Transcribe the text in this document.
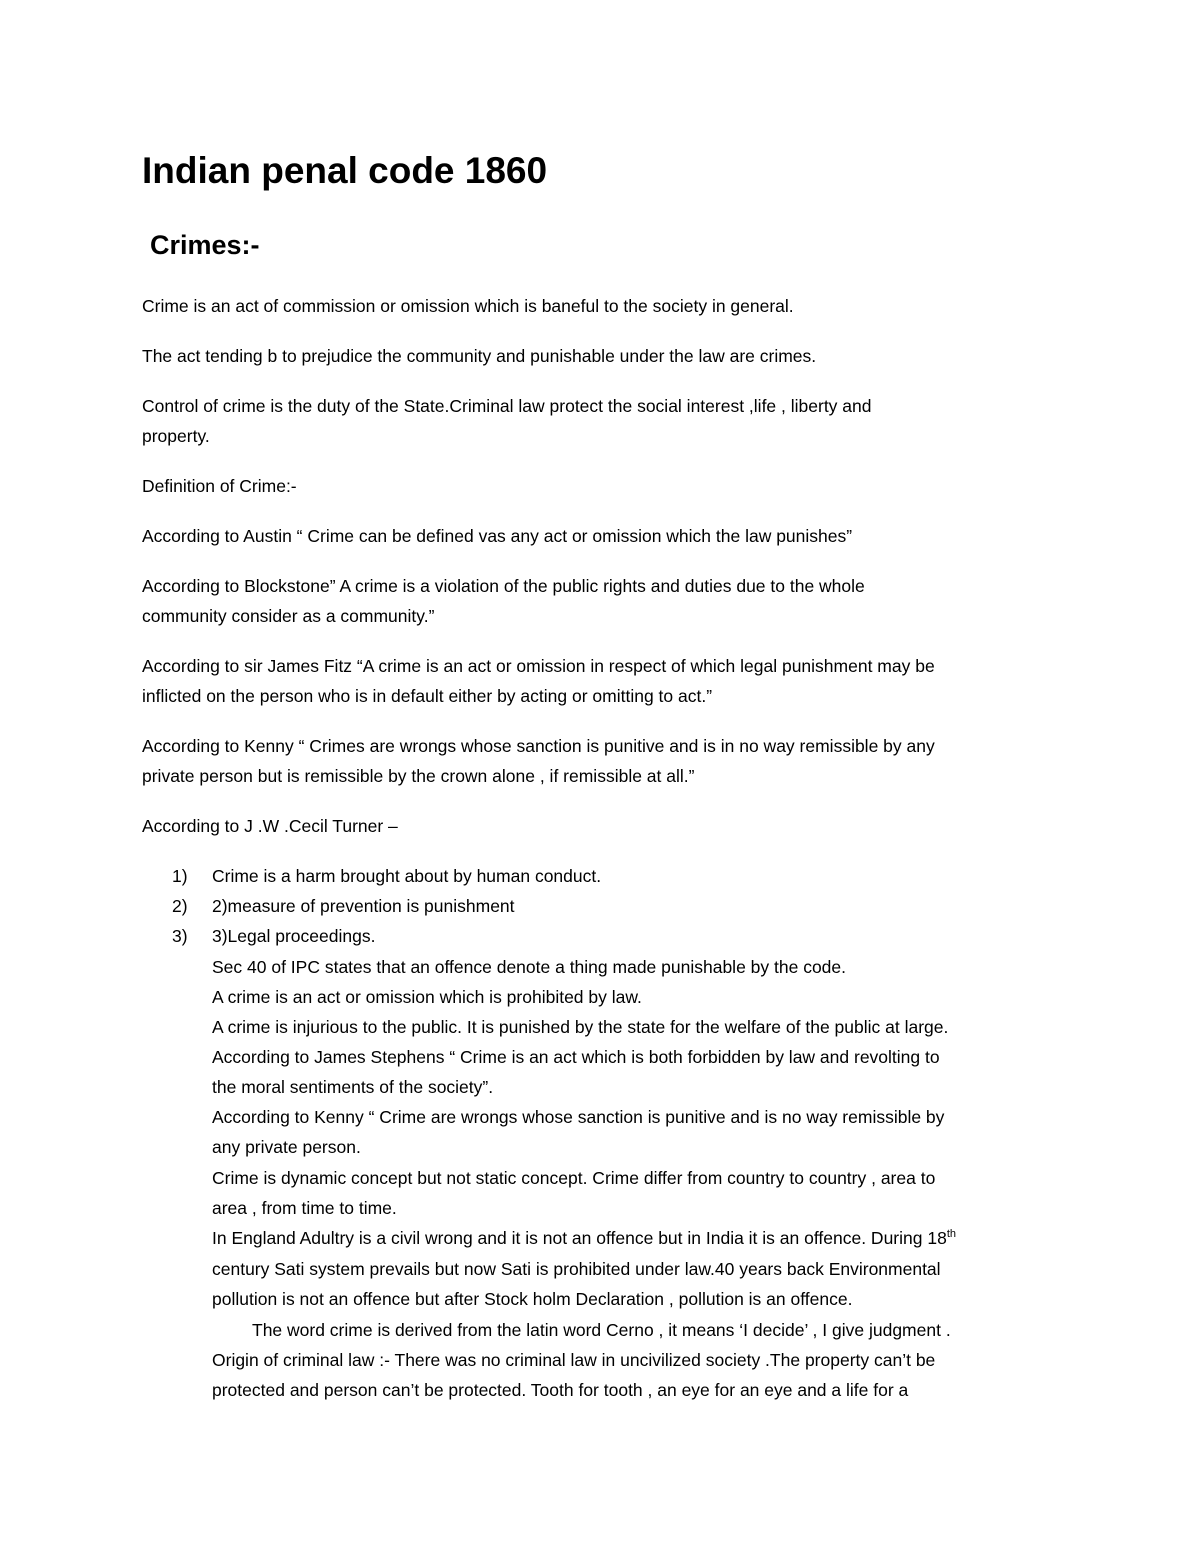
Indian penal code 1860
Crimes:-

Crime is an act of commission or omission which is baneful to the society in general.

The act tending b to prejudice the community and punishable under the law are crimes.

Control of crime is the duty of the State.Criminal law protect the social interest ,life , liberty and

property.

Definition of Crime:-

According to Austin “ Crime can be defined vas any act or omission which the law punishes”

According to Blockstone” A crime is a violation of the public rights and duties due to the whole

community consider as a community.”

According to sir James Fitz “A crime is an act or omission in respect of which legal punishment may be

inflicted on the person who is in default either by acting or omitting to act.”

According to Kenny “ Crimes are wrongs whose sanction is punitive and is in no way remissible by any

private person but is remissible by the crown alone , if remissible at all.”

According to J .W .Cecil Turner –

1) Crime is a harm brought about by human conduct.

2) 2)measure of prevention is punishment

3) 3)Legal proceedings.

Sec 40 of IPC states that an offence denote a thing made punishable by the code.

A crime is an act or omission which is prohibited by law.

A crime is injurious to the public. It is punished by the state for the welfare of the public at large.

According to James Stephens “ Crime is an act which is both forbidden by law and revolting to

the moral sentiments of the society”.

According to Kenny “ Crime are wrongs whose sanction is punitive and is no way remissible by

any private person.

Crime is dynamic concept but not static concept. Crime differ from country to country , area to

area , from time to time.

In England Adultry is a civil wrong and it is not an offence but in India it is an offence. During 18th

century Sati system prevails but now Sati is prohibited under law.40 years back Environmental

pollution is not an offence but after Stock holm Declaration , pollution is an offence.

The word crime is derived from the latin word Cerno , it means ‘I decide’ , I give judgment .

Origin of criminal law :- There was no criminal law in uncivilized society .The property can’t be

protected and person can’t be protected. Tooth for tooth , an eye for an eye and a life for a
